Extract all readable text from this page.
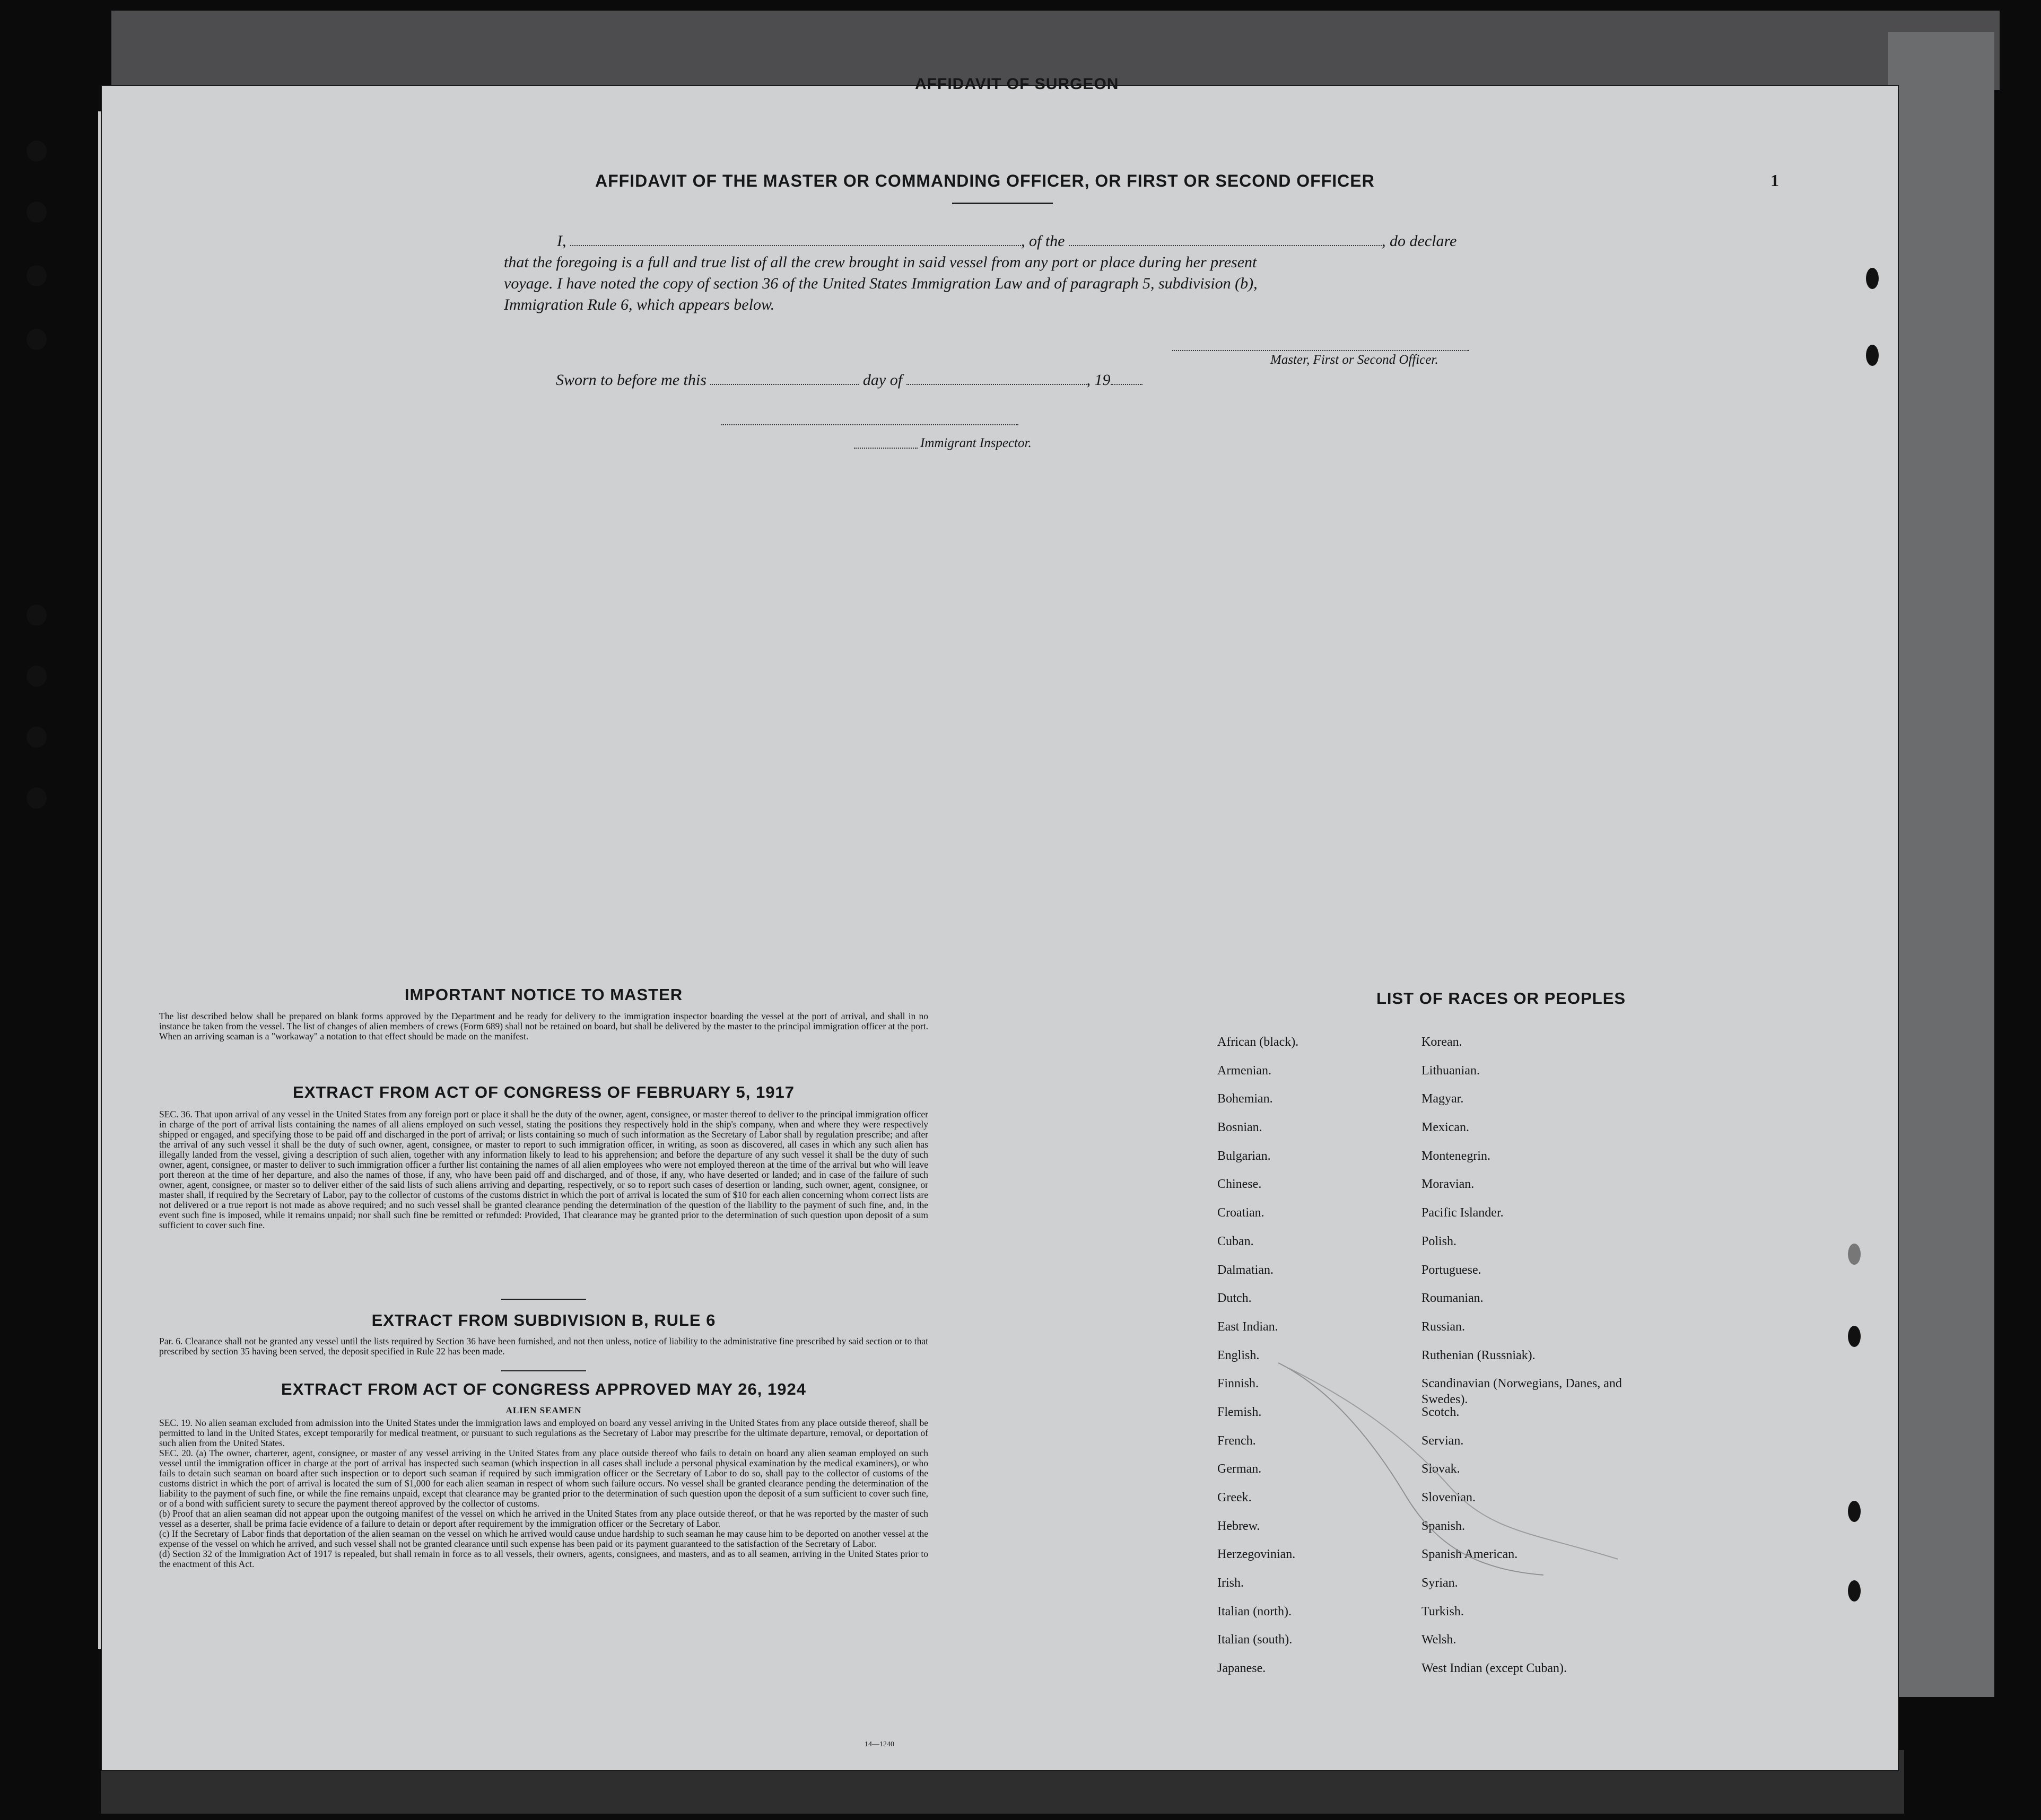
AFFIDAVIT OF SURGEON
AFFIDAVIT OF THE MASTER OR COMMANDING OFFICER, OR FIRST OR SECOND OFFICER	1
I,	, of the	, do declare
that the foregoing is a full and true list of all the crew brought in said vessel from any port or place during her present
voyage. I have noted the copy of section 36 of the United States Immigration Law and of paragraph 5, subdivision (b),
Immigration Rule 6, which appears below.
Master, First or Second Officer.
Sworn to before me this	day of	, 19
Immigrant Inspector.
IMPORTANT NOTICE TO MASTER
The list described below shall be prepared on blank forms approved by the Department and be ready for delivery to the immigration inspector boarding the vessel at the port of arrival, and shall in no instance be taken from the vessel. The list of changes of alien members of crews (Form 689) shall not be retained on board, but shall be delivered by the master to the principal immigration officer at the port. When an arriving seaman is a "workaway" a notation to that effect should be made on the manifest.
EXTRACT FROM ACT OF CONGRESS OF FEBRUARY 5, 1917
SEC. 36. That upon arrival of any vessel in the United States from any foreign port or place it shall be the duty of the owner, agent, consignee, or master thereof to deliver to the principal immigration officer in charge of the port of arrival lists containing the names of all aliens employed on such vessel, stating the positions they respectively hold in the ship's company, when and where they were respectively shipped or engaged, and specifying those to be paid off and discharged in the port of arrival; or lists containing so much of such information as the Secretary of Labor shall by regulation prescribe; and after the arrival of any such vessel it shall be the duty of such owner, agent, consignee, or master to report to such immigration officer, in writing, as soon as discovered, all cases in which any such alien has illegally landed from the vessel, giving a description of such alien, together with any information likely to lead to his apprehension; and before the departure of any such vessel it shall be the duty of such owner, agent, consignee, or master to deliver to such immigration officer a further list containing the names of all alien employees who were not employed thereon at the time of the arrival but who will leave port thereon at the time of her departure, and also the names of those, if any, who have been paid off and discharged, and of those, if any, who have deserted or landed; and in case of the failure of such owner, agent, consignee, or master so to deliver either of the said lists of such aliens arriving and departing, respectively, or so to report such cases of desertion or landing, such owner, agent, consignee, or master shall, if required by the Secretary of Labor, pay to the collector of customs of the customs district in which the port of arrival is located the sum of $10 for each alien concerning whom correct lists are not delivered or a true report is not made as above required; and no such vessel shall be granted clearance pending the determination of the question of the liability to the payment of such fine, and, in the event such fine is imposed, while it remains unpaid; nor shall such fine be remitted or refunded: Provided, That clearance may be granted prior to the determination of such question upon deposit of a sum sufficient to cover such fine.
EXTRACT FROM SUBDIVISION B, RULE 6
Par. 6. Clearance shall not be granted any vessel until the lists required by Section 36 have been furnished, and not then unless, notice of liability to the administrative fine prescribed by said section or to that prescribed by section 35 having been served, the deposit specified in Rule 22 has been made.
EXTRACT FROM ACT OF CONGRESS APPROVED MAY 26, 1924
ALIEN SEAMEN
SEC. 19. No alien seaman excluded from admission into the United States under the immigration laws and employed on board any vessel arriving in the United States from any place outside thereof, shall be permitted to land in the United States, except temporarily for medical treatment, or pursuant to such regulations as the Secretary of Labor may prescribe for the ultimate departure, removal, or deportation of such alien from the United States.
SEC. 20. (a) The owner, charterer, agent, consignee, or master of any vessel arriving in the United States from any place outside thereof who fails to detain on board any alien seaman employed on such vessel until the immigration officer in charge at the port of arrival has inspected such seaman (which inspection in all cases shall include a personal physical examination by the medical examiners), or who fails to detain such seaman on board after such inspection or to deport such seaman if required by such immigration officer or the Secretary of Labor to do so, shall pay to the collector of customs of the customs district in which the port of arrival is located the sum of $1,000 for each alien seaman in respect of whom such failure occurs. No vessel shall be granted clearance pending the determination of the liability to the payment of such fine, or while the fine remains unpaid, except that clearance may be granted prior to the determination of such question upon the deposit of a sum sufficient to cover such fine, or of a bond with sufficient surety to secure the payment thereof approved by the collector of customs.
(b) Proof that an alien seaman did not appear upon the outgoing manifest of the vessel on which he arrived in the United States from any place outside thereof, or that he was reported by the master of such vessel as a deserter, shall be prima facie evidence of a failure to detain or deport after requirement by the immigration officer or the Secretary of Labor.
(c) If the Secretary of Labor finds that deportation of the alien seaman on the vessel on which he arrived would cause undue hardship to such seaman he may cause him to be deported on another vessel at the expense of the vessel on which he arrived, and such vessel shall not be granted clearance until such expense has been paid or its payment guaranteed to the satisfaction of the Secretary of Labor.
(d) Section 32 of the Immigration Act of 1917 is repealed, but shall remain in force as to all vessels, their owners, agents, consignees, and masters, and as to all seamen, arriving in the United States prior to the enactment of this Act.
14—1240
LIST OF RACES OR PEOPLES
African (black).
Armenian.
Bohemian.
Bosnian.
Bulgarian.
Chinese.
Croatian.
Cuban.
Dalmatian.
Dutch.
East Indian.
English.
Finnish.
Flemish.
French.
German.
Greek.
Hebrew.
Herzegovinian.
Irish.
Italian (north).
Italian (south).
Japanese.
Korean.
Lithuanian.
Magyar.
Mexican.
Montenegrin.
Moravian.
Pacific Islander.
Polish.
Portuguese.
Roumanian.
Russian.
Ruthenian (Russniak).
Scandinavian (Norwegians, Danes, and Swedes).
Scotch.
Servian.
Slovak.
Slovenian.
Spanish.
Spanish American.
Syrian.
Turkish.
Welsh.
West Indian (except Cuban).
